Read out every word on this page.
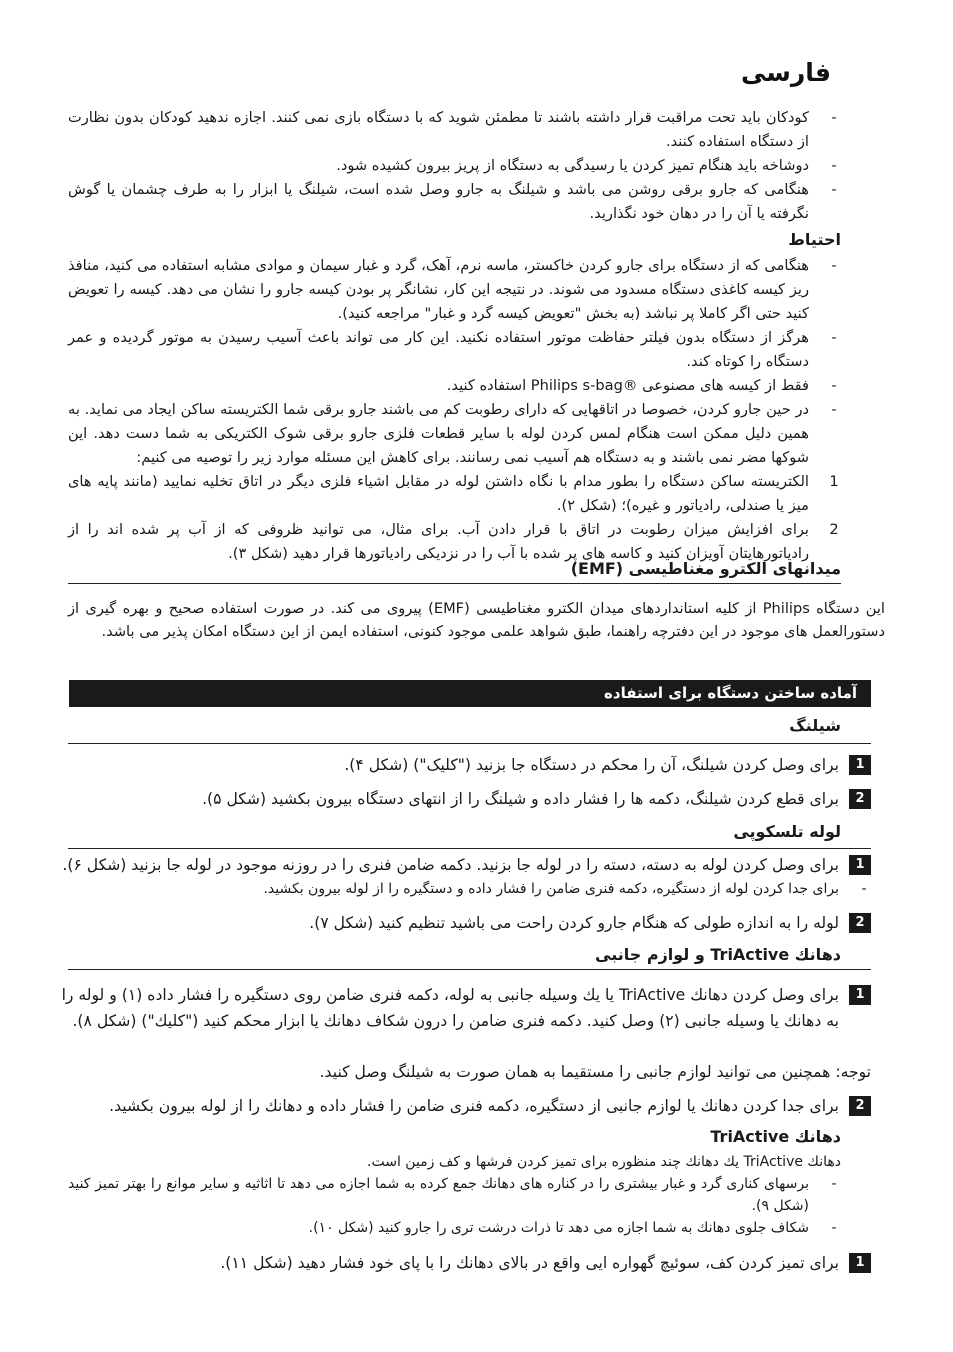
فارسی

-
کودکان باید تحت مراقبت قرار داشته باشند تا مطمئن شوید که با دستگاه بازی نمی کنند. اجازه ندهید کودکان بدون نظارت از دستگاه استفاده کنند.

-
دوشاخه باید هنگام تمیز کردن یا رسیدگی به دستگاه از پریز بیرون کشیده شود.

-
هنگامی که جارو برقی روشن می باشد و شیلنگ به جارو وصل شده است، شیلنگ یا ابزار را به طرف چشمان یا گوش نگرفته یا آن را در دهان خود نگذارید.

احتیاط

-
هنگامی که از دستگاه برای جارو کردن خاکستر، ماسه نرم، آهک، گرد و غبار سیمان و موادی مشابه استفاده می کنید، منافذ ریز کیسه کاغذی دستگاه مسدود می شوند. در نتیجه این کار، نشانگر پر بودن کیسه جارو را نشان می دهد. کیسه را تعویض کنید حتی اگر کاملا پر نباشد (به بخش "تعویض کیسه گرد و غبار" مراجعه کنید).

-
هرگز از دستگاه بدون فیلتر حفاظت موتور استفاده نکنید. این کار می تواند باعث آسیب رسیدن به موتور گردیده و عمر دستگاه را کوتاه کند.

-
فقط از کیسه های مصنوعی ®Philips s-bag استفاده کنید.

-
در حین جارو کردن، خصوصا در اتاقهایی که دارای رطوبت کم می باشند جارو برقی شما الکتریسته ساکن ایجاد می نماید. به همین دلیل ممکن است هنگام لمس کردن لوله با سایر قطعات فلزی جارو برقی شوک الکتریکی به شما دست دهد. این شوکها مضر نمی باشند و به دستگاه هم آسیب نمی رسانند. برای کاهش این مسئله موارد زیر را توصیه می کنیم:

1
الکتریسته ساکن دستگاه را بطور مدام با نگاه داشتن لوله در مقابل اشیاء فلزی دیگر در اتاق تخلیه نمایید (مانند پایه های میز یا صندلی، رادیاتور و غیره)؛ (شکل ۲).

2
برای افزایش میزان رطوبت در اتاق با قرار دادن آب. برای مثال، می توانید ظروفی که از آب پر شده اند را از رادیاتورهایتان آویزان کنید و کاسه های پر شده با آب را در نزدیکی رادیاتورها قرار دهید (شکل ۳).

میدانهای الکترو مغناطیسی (EMF)

این دستگاه Philips از کلیه استانداردهای میدان الکترو مغناطیسی (EMF) پیروی می کند. در صورت استفاده صحیح و بهره گیری از دستورالعمل های موجود در این دفترچه راهنما، طبق شواهد علمی موجود کنونی، استفاده ایمن از این دستگاه امکان پذیر می باشد.

آماده ساختن دستگاه برای استفاده
شیلنگ

1
برای وصل کردن شیلنگ، آن را محکم در دستگاه جا بزنید ("کلیک") (شکل ۴).

2
برای قطع کردن شیلنگ، دکمه ها را فشار داده و شیلنگ را از انتهای دستگاه بیرون بکشید (شکل ۵).

لوله تلسکوپی

1
برای وصل کردن لوله به دسته، دسته را در لوله جا بزنید. دکمه ضامن فنری را در روزنه موجود در لوله جا بزنید (شکل ۶).

-
برای جدا کردن لوله از دستگیره، دکمه فنری ضامن را فشار داده و دستگیره را از لوله بیرون بکشید.

2
لوله را به اندازه طولی که هنگام جارو کردن راحت می باشید تنظیم کنید (شکل ۷).

دهانك TriActive و لوازم جانبی

1
برای وصل کردن دهانك TriActive یا یك وسیله جانبی به لوله، دکمه فنری ضامن روی دستگیره را فشار داده (۱) و لوله را به دهانك یا وسیله جانبی (۲) وصل کنید. دکمه فنری ضامن را درون شکاف دهانك یا ابزار محکم کنید ("کلیك") (شکل ۸).

توجه: همچنین می توانید لوازم جانبی را مستقیما به همان صورت به شیلنگ وصل کنید.

2
برای جدا کردن دهانك یا لوازم جانبی از دستگیره، دکمه فنری ضامن را فشار داده و دهانك را از لوله بیرون بکشید.

دهانك TriActive

دهانك TriActive یك دهانك چند منظوره برای تمیز کردن فرشها و کف زمین است.

-
برسهای کناری گرد و غبار بیشتری را در کناره های دهانك جمع کرده به شما اجازه می دهد تا اثاثیه و سایر موانع را بهتر تمیز کنید (شکل ۹).

-
شکاف جلوی دهانك به شما اجازه می دهد تا ذرات درشت تری را جارو کنید (شکل ۱۰).

1
برای تمیز کردن کف، سوئیچ گهواره ایی واقع در بالای دهانك را با پای خود فشار دهید (شکل ۱۱).
